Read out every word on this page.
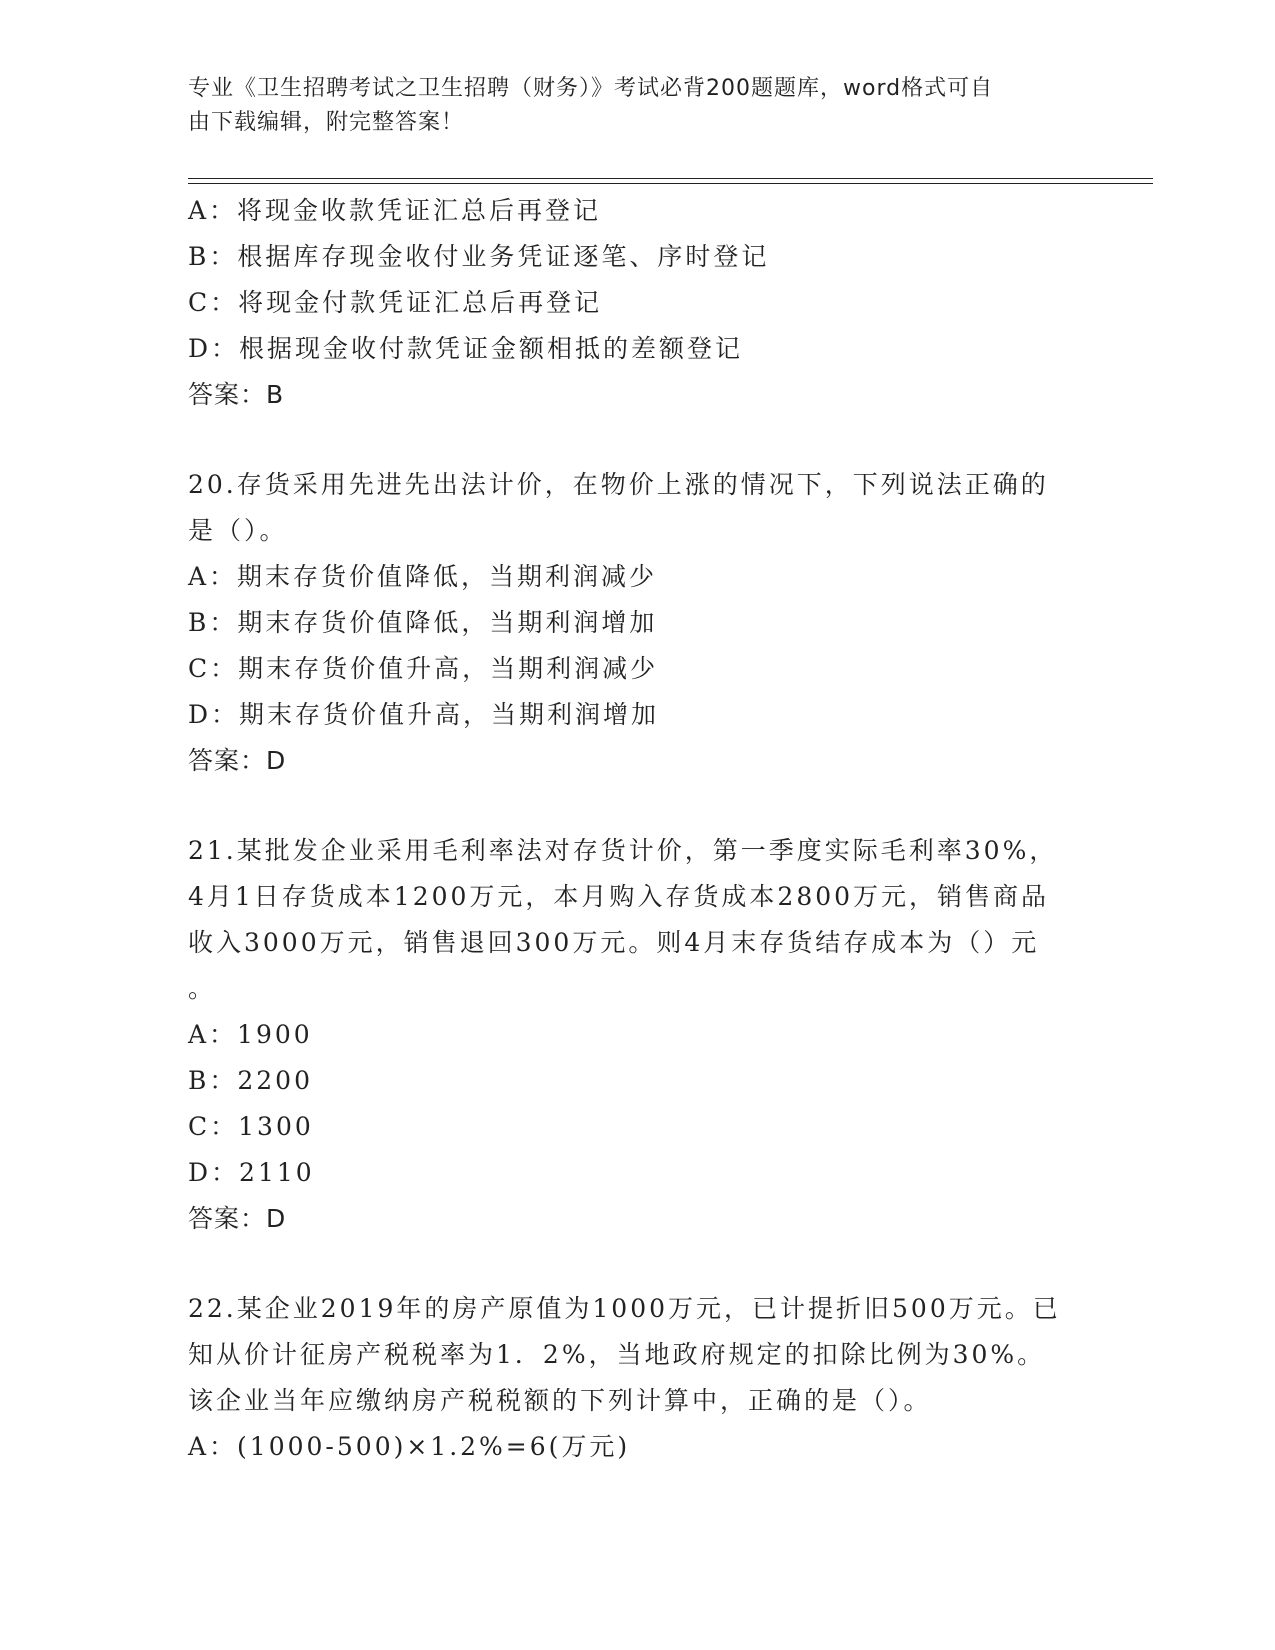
专业《卫生招聘考试之卫生招聘（财务）》考试必背200题题库，word格式可自
由下载编辑，附完整答案！
A：将现金收款凭证汇总后再登记
B：根据库存现金收付业务凭证逐笔、序时登记
C：将现金付款凭证汇总后再登记
D：根据现金收付款凭证金额相抵的差额登记
答案：B
20.存货采用先进先出法计价，在物价上涨的情况下，下列说法正确的
是（）。
A：期末存货价值降低，当期利润减少
B：期末存货价值降低，当期利润增加
C：期末存货价值升高，当期利润减少
D：期末存货价值升高，当期利润增加
答案：D
21.某批发企业采用毛利率法对存货计价，第一季度实际毛利率30%，
4月1日存货成本1200万元，本月购入存货成本2800万元，销售商品
收入3000万元，销售退回300万元。则4月末存货结存成本为（）元
。
A：1900
B：2200
C：1300
D：2110
答案：D
22.某企业2019年的房产原值为1000万元，已计提折旧500万元。已
知从价计征房产税税率为1．2%，当地政府规定的扣除比例为30%。
该企业当年应缴纳房产税税额的下列计算中，正确的是（）。
A：(1000-500)×1.2%=6(万元)
